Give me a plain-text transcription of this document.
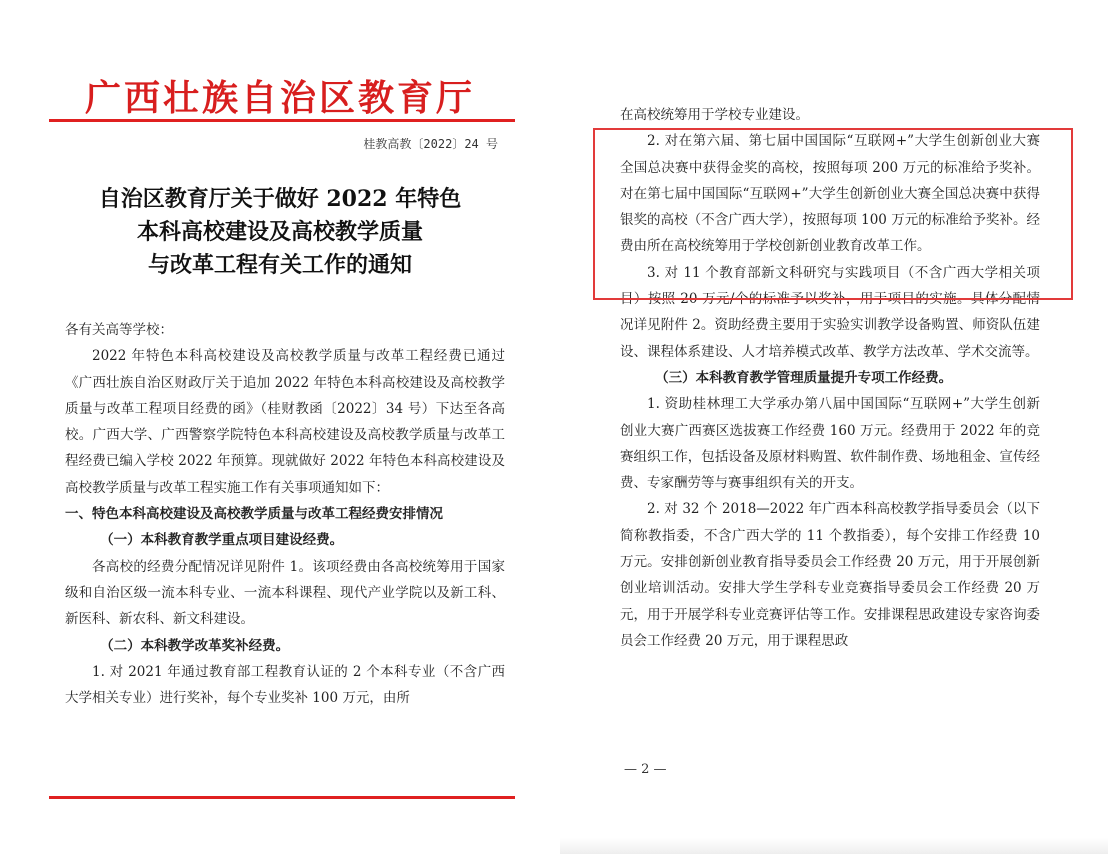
广西壮族自治区教育厅
桂教高教〔2022〕24 号
自治区教育厅关于做好 2022 年特色
本科高校建设及高校教学质量
与改革工程有关工作的通知

各有关高等学校：

2022 年特色本科高校建设及高校教学质量与改革工程经费已通过《广西壮族自治区财政厅关于追加 2022 年特色本科高校建设及高校教学质量与改革工程项目经费的函》（桂财教函〔2022〕34 号）下达至各高校。广西大学、广西警察学院特色本科高校建设及高校教学质量与改革工程经费已编入学校 2022 年预算。现就做好 2022 年特色本科高校建设及高校教学质量与改革工程实施工作有关事项通知如下：

一、特色本科高校建设及高校教学质量与改革工程经费安排情况

（一）本科教育教学重点项目建设经费。

各高校的经费分配情况详见附件 1。该项经费由各高校统筹用于国家级和自治区级一流本科专业、一流本科课程、现代产业学院以及新工科、新医科、新农科、新文科建设。

（二）本科教学改革奖补经费。

1. 对 2021 年通过教育部工程教育认证的 2 个本科专业（不含广西大学相关专业）进行奖补，每个专业奖补 100 万元，由所

在高校统筹用于学校专业建设。

2. 对在第六届、第七届中国国际“互联网+”大学生创新创业大赛全国总决赛中获得金奖的高校，按照每项 200 万元的标准给予奖补。对在第七届中国国际“互联网+”大学生创新创业大赛全国总决赛中获得银奖的高校（不含广西大学），按照每项 100 万元的标准给予奖补。经费由所在高校统筹用于学校创新创业教育改革工作。

3. 对 11 个教育部新文科研究与实践项目（不含广西大学相关项目）按照 20 万元/个的标准予以奖补，用于项目的实施。具体分配情况详见附件 2。资助经费主要用于实验实训教学设备购置、师资队伍建设、课程体系建设、人才培养模式改革、教学方法改革、学术交流等。

（三）本科教育教学管理质量提升专项工作经费。

1. 资助桂林理工大学承办第八届中国国际“互联网+”大学生创新创业大赛广西赛区选拔赛工作经费 160 万元。经费用于 2022 年的竞赛组织工作，包括设备及原材料购置、软件制作费、场地租金、宣传经费、专家酬劳等与赛事组织有关的开支。

2. 对 32 个 2018—2022 年广西本科高校教学指导委员会（以下简称教指委，不含广西大学的 11 个教指委），每个安排工作经费 10 万元。安排创新创业教育指导委员会工作经费 20 万元，用于开展创新创业培训活动。安排大学生学科专业竞赛指导委员会工作经费 20 万元，用于开展学科专业竞赛评估等工作。安排课程思政建设专家咨询委员会工作经费 20 万元，用于课程思政

— 2 —
